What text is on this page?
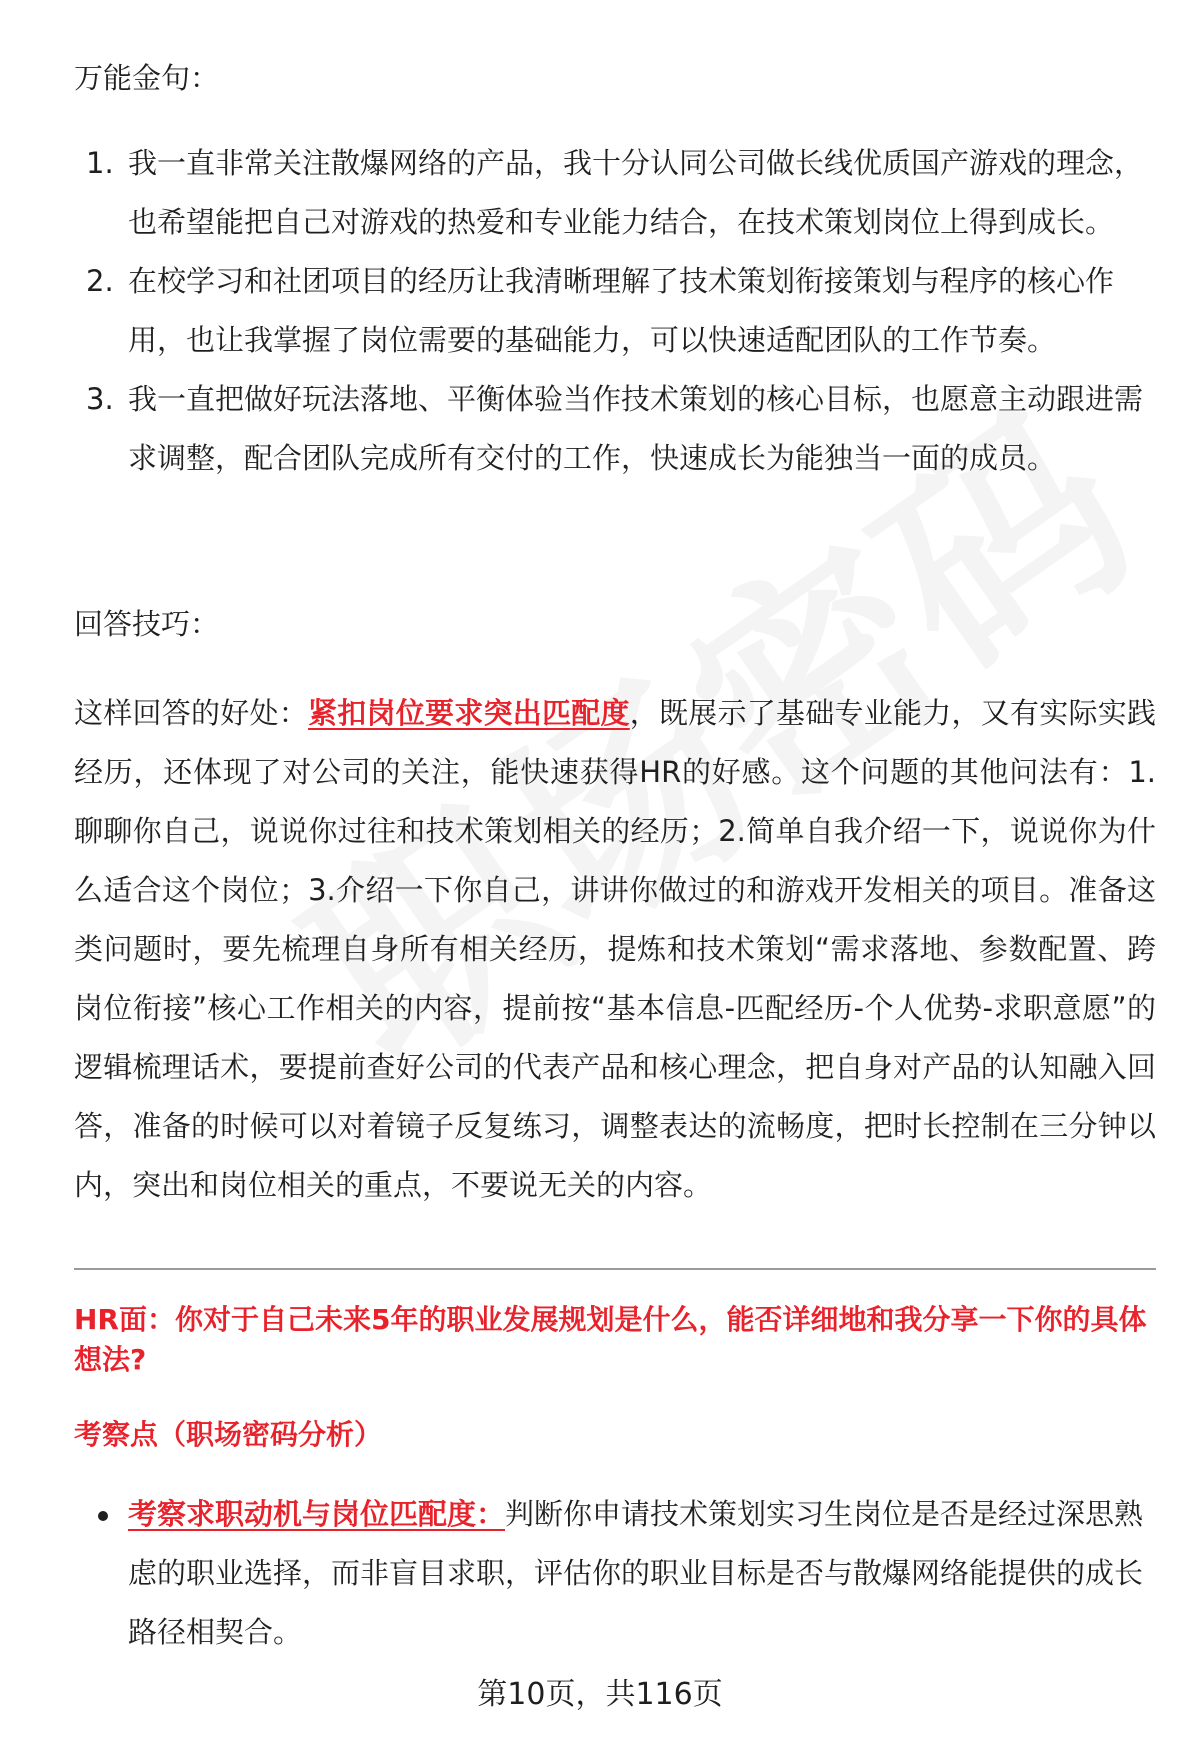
万能金句：
1. 我一直非常关注散爆网络的产品，我十分认同公司做长线优质国产游戏的理念，也希望能把自己对游戏的热爱和专业能力结合，在技术策划岗位上得到成长。
2. 在校学习和社团项目的经历让我清晰理解了技术策划衔接策划与程序的核心作用，也让我掌握了岗位需要的基础能力，可以快速适配团队的工作节奏。
3. 我一直把做好玩法落地、平衡体验当作技术策划的核心目标，也愿意主动跟进需求调整，配合团队完成所有交付的工作，快速成长为能独当一面的成员。
回答技巧：
这样回答的好处：紧扣岗位要求突出匹配度，既展示了基础专业能力，又有实际实践经历，还体现了对公司的关注，能快速获得HR的好感。这个问题的其他问法有：1.聊聊你自己，说说你过往和技术策划相关的经历；2.简单自我介绍一下，说说你为什么适合这个岗位；3.介绍一下你自己，讲讲你做过的和游戏开发相关的项目。准备这类问题时，要先梳理自身所有相关经历，提炼和技术策划“需求落地、参数配置、跨岗位衔接”核心工作相关的内容，提前按“基本信息-匹配经历-个人优势-求职意愿”的逻辑梳理话术，要提前查好公司的代表产品和核心理念，把自身对产品的认知融入回答，准备的时候可以对着镜子反复练习，调整表达的流畅度，把时长控制在三分钟以内，突出和岗位相关的重点，不要说无关的内容。
HR面：你对于自己未来5年的职业发展规划是什么，能否详细地和我分享一下你的具体想法?
考察点（职场密码分析）
考察求职动机与岗位匹配度：判断你申请技术策划实习生岗位是否是经过深思熟虑的职业选择，而非盲目求职，评估你的职业目标是否与散爆网络能提供的成长路径相契合。
第10页，共116页
